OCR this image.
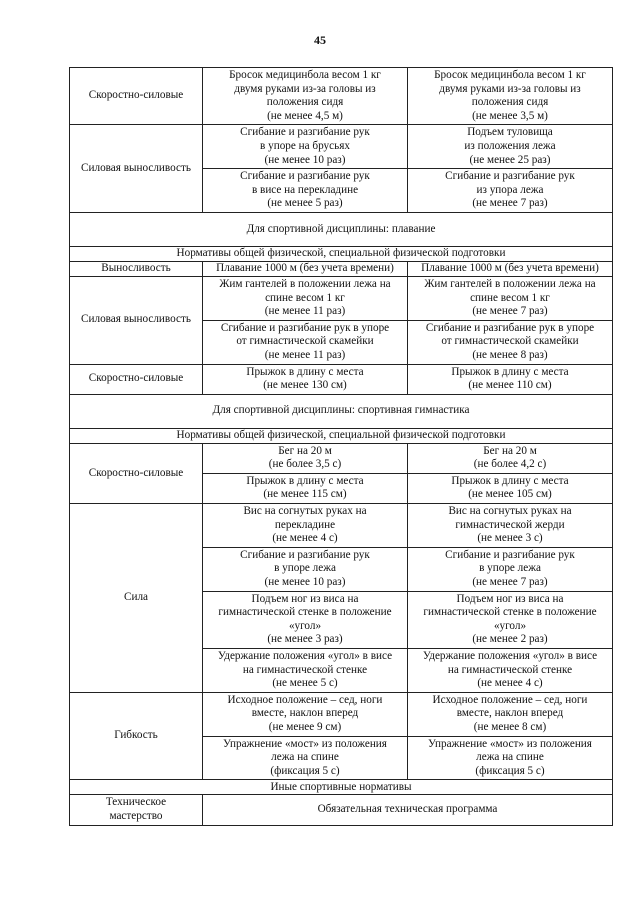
45
Скоростно-силовые	Бросок медицинбола весом 1 кг
двумя руками из-за головы из
положения сидя
(не менее 4,5 м)	Бросок медицинбола весом 1 кг
двумя руками из-за головы из
положения сидя
(не менее 3,5 м)

Силовая выносливость	Сгибание и разгибание рук
в упоре на брусьях
(не менее 10 раз)	Подъем туловища
из положения лежа
(не менее 25 раз)

	Сгибание и разгибание рук
в висе на перекладине
(не менее 5 раз)	Сгибание и разгибание рук
из упора лежа
(не менее 7 раз)

Для спортивной дисциплины: плавание		
Нормативы общей физической, специальной физической подготовки		
Выносливость	Плавание 1000 м (без учета времени)	Плавание 1000 м (без учета времени)
Силовая выносливость	Жим гантелей в положении лежа на
спине весом 1 кг
(не менее 11 раз)	Жим гантелей в положении лежа на
спине весом 1 кг
(не менее 7 раз)

	Сгибание и разгибание рук в упоре
от гимнастической скамейки
(не менее 11 раз)	Сгибание и разгибание рук в упоре
от гимнастической скамейки
(не менее 8 раз)

Скоростно-силовые	Прыжок в длину с места
(не менее 130 см)	Прыжок в длину с места
(не менее 110 см)

Для спортивной дисциплины: спортивная гимнастика		
Нормативы общей физической, специальной физической подготовки		
Скоростно-силовые	Бег на 20 м
(не более 3,5 с)	Бег на 20 м
(не более 4,2 с)

	Прыжок в длину с места
(не менее 115 см)	Прыжок в длину с места
(не менее 105 см)

Сила	Вис на согнутых руках на
перекладине
(не менее 4 с)	Вис на согнутых руках на
гимнастической жерди
(не менее 3 с)

	Сгибание и разгибание рук
в упоре лежа
(не менее 10 раз)	Сгибание и разгибание рук
в упоре лежа
(не менее 7 раз)

	Подъем ног из виса на
гимнастической стенке в положение
«угол»
(не менее 3 раз)	Подъем ног из виса на
гимнастической стенке в положение
«угол»
(не менее 2 раз)

	Удержание положения «угол» в висе
на гимнастической стенке
(не менее 5 с)	Удержание положения «угол» в висе
на гимнастической стенке
(не менее 4 с)

Гибкость	Исходное положение – сед, ноги
вместе, наклон вперед
(не менее 9 см)	Исходное положение – сед, ноги
вместе, наклон вперед
(не менее 8 см)

	Упражнение «мост» из положения
лежа на спине
(фиксация 5 с)	Упражнение «мост» из положения
лежа на спине
(фиксация 5 с)

Иные спортивные нормативы		

Техническое
мастерство	Обязательная техническая программа	
